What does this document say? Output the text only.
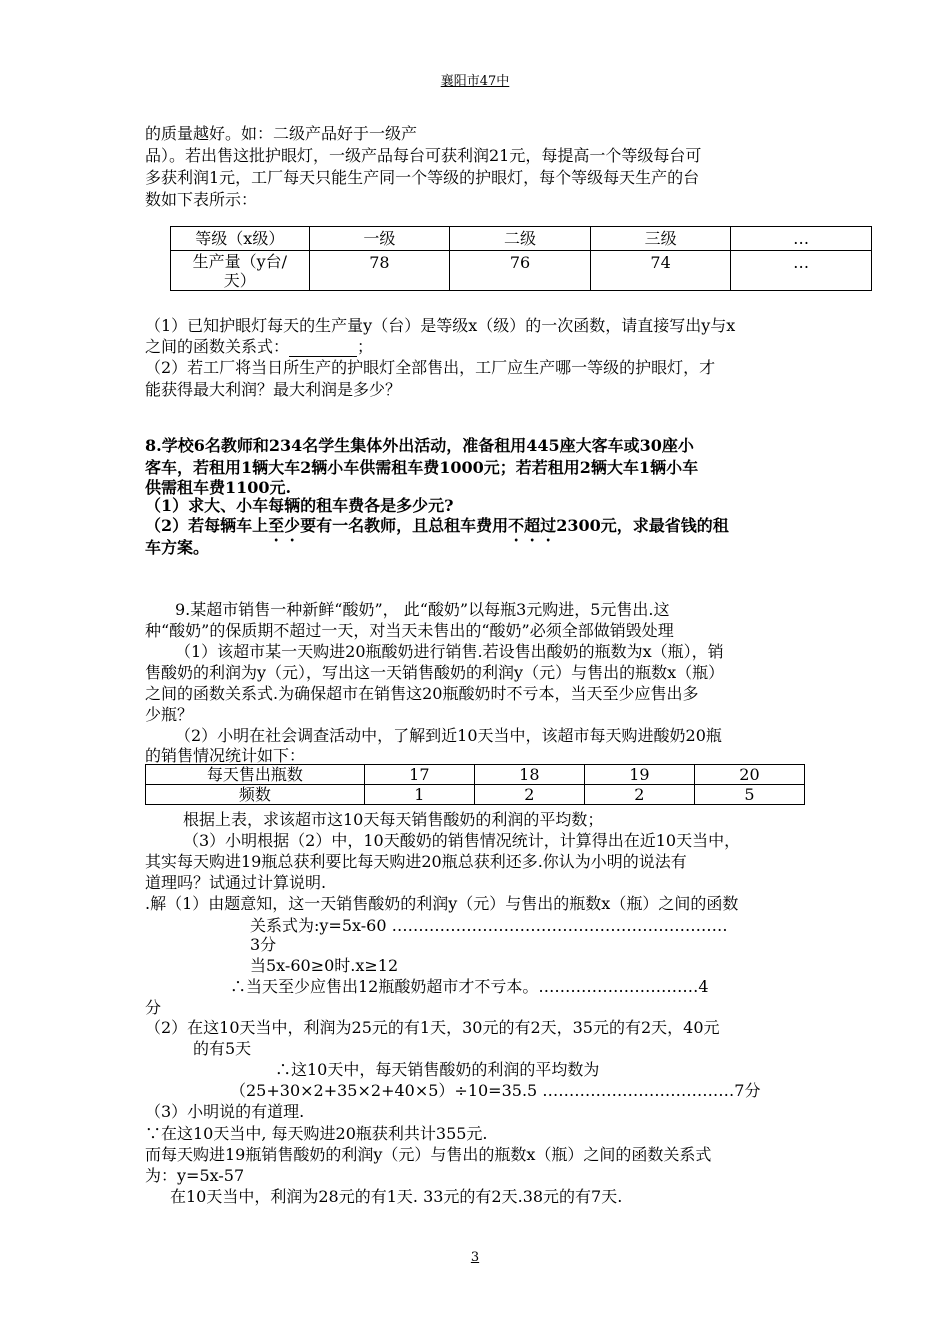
襄阳市47中
的质量越好。如：二级产品好于一级产
品）。若出售这批护眼灯，一级产品每台可获利润21元，每提高一个等级每台可
多获利润1元，工厂每天只能生产同一个等级的护眼灯，每个等级每天生产的台
数如下表所示：
等级（x级）	一级	二级	三级	…

生产量（y台/
天）	78	76	74	…
（1）已知护眼灯每天的生产量y（台）是等级x（级）的一次函数，请直接写出y与x
之间的函数关系式：	；
（2）若工厂将当日所生产的护眼灯全部售出，工厂应生产哪一等级的护眼灯，才
能获得最大利润？最大利润是多少？
8.学校6名教师和234名学生集体外出活动，准备租用445座大客车或30座小
客车，若租用1辆大车2辆小车供需租车费1000元；若若租用2辆大车1辆小车
供需租车费1100元.
（1）求大、小车每辆的租车费各是多少元?
（2）若每辆车上至少要有一名教师，且总租车费用不超过2300元，求最省钱的租
车方案。
9.某超市销售一种新鲜“酸奶”， 此“酸奶”以每瓶3元购进，5元售出.这
种“酸奶”的保质期不超过一天，对当天未售出的“酸奶”必须全部做销毁处理
（1）该超市某一天购进20瓶酸奶进行销售.若设售出酸奶的瓶数为x（瓶），销
售酸奶的利润为y（元），写出这一天销售酸奶的利润y（元）与售出的瓶数x（瓶）
之间的函数关系式.为确保超市在销售这20瓶酸奶时不亏本，当天至少应售出多
少瓶？
（2）小明在社会调查活动中，了解到近10天当中，该超市每天购进酸奶20瓶
的销售情况统计如下：
每天售出瓶数	17	18	19	20
频数	1	2	2	5
根据上表，求该超市这10天每天销售酸奶的利润的平均数；
（3）小明根据（2）中，10天酸奶的销售情况统计，计算得出在近10天当中，
其实每天购进19瓶总获利要比每天购进20瓶总获利还多.你认为小明的说法有
道理吗？试通过计算说明.
.解（1）由题意知，这一天销售酸奶的利润y（元）与售出的瓶数x（瓶）之间的函数
关系式为:y=5x-60 ………………………………………………………
3分
当5x-60≥0时.x≥12
∴当天至少应售出12瓶酸奶超市才不亏本。…………………………4
分
（2）在这10天当中，利润为25元的有1天，30元的有2天，35元的有2天，40元
的有5天
∴这10天中，每天销售酸奶的利润的平均数为
（25+30×2+35×2+40×5）÷10=35.5 ………………………………7分
（3）小明说的有道理.
∵在这10天当中, 每天购进20瓶获利共计355元.
而每天购进19瓶销售酸奶的利润y（元）与售出的瓶数x（瓶）之间的函数关系式
为：y=5x-57
在10天当中，利润为28元的有1天. 33元的有2天.38元的有7天.
3
